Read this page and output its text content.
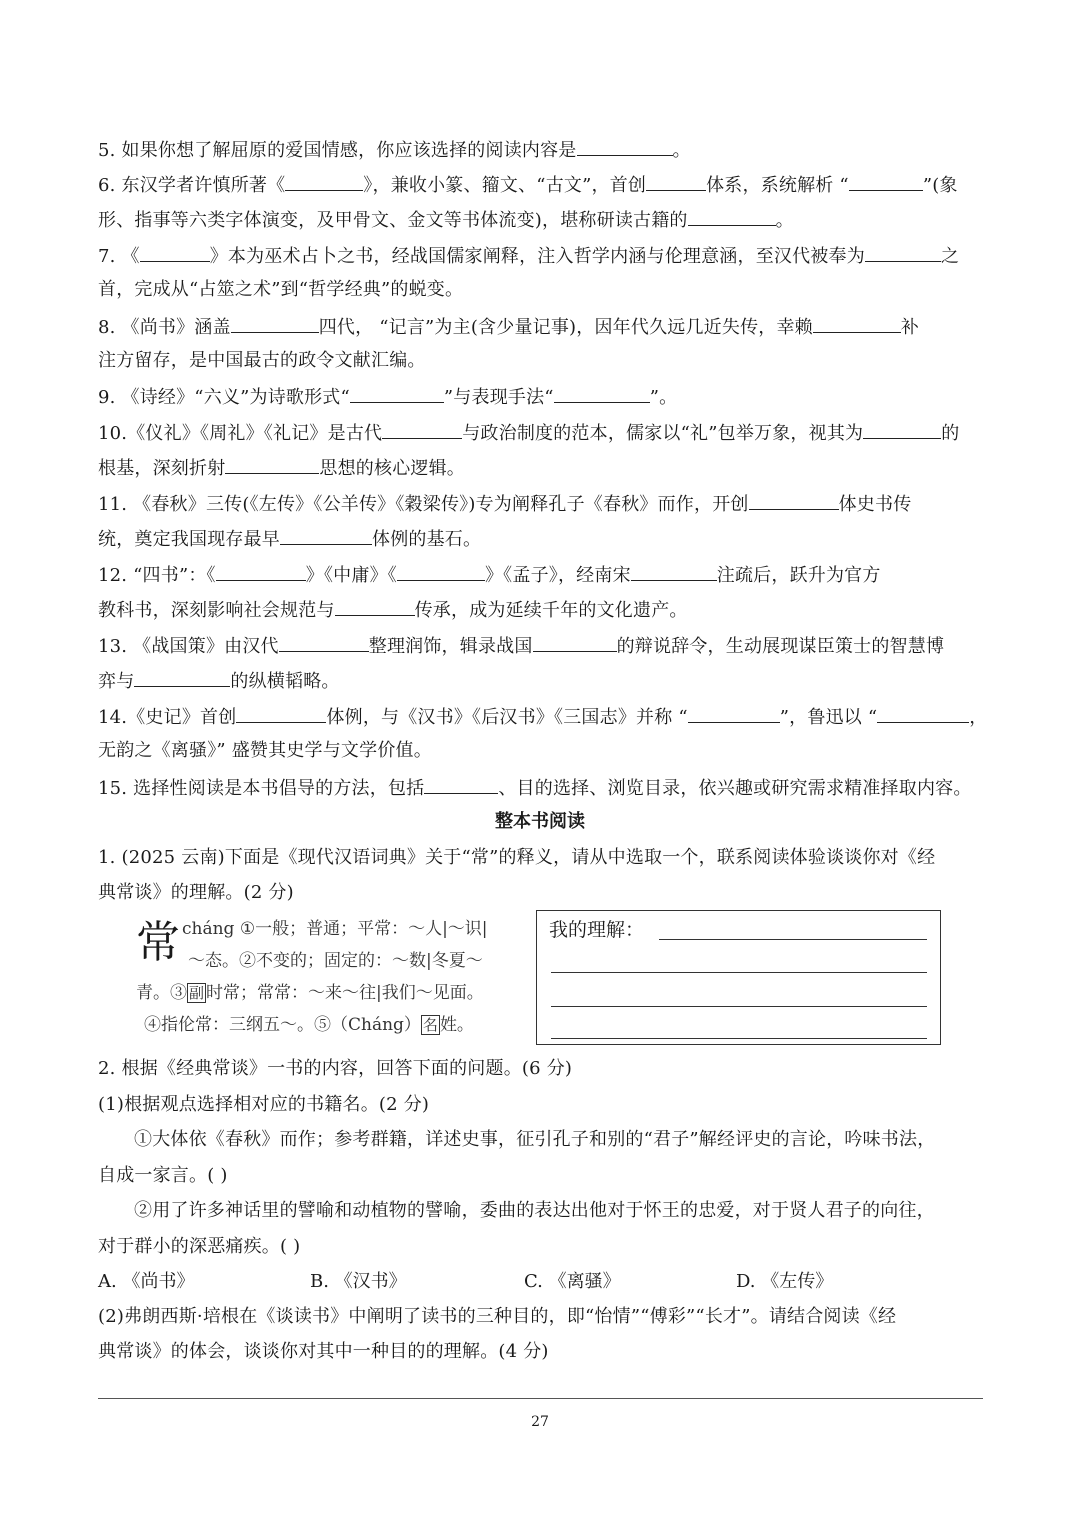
5. 如果你想了解屈原的爱国情感，你应该选择的阅读内容是	。
6. 东汉学者许慎所著《	》，兼收小篆、籀文、“古文”，首创	体系，系统解析 “	”(象
形、指事等六类字体演变，及甲骨文、金文等书体流变)，堪称研读古籍的	。
7. 《	》本为巫术占卜之书，经战国儒家阐释，注入哲学内涵与伦理意涵，至汉代被奉为	之
首，完成从“占筮之术”到“哲学经典”的蜕变。
8. 《尚书》涵盖	四代， “记言”为主(含少量记事)，因年代久远几近失传，幸赖	补
注方留存，是中国最古的政令文献汇编。
9. 《诗经》“六义”为诗歌形式“	”与表现手法“	”。
10.《仪礼》《周礼》《礼记》是古代	与政治制度的范本，儒家以“礼”包举万象，视其为	的
根基，深刻折射	思想的核心逻辑。
11. 《春秋》三传(《左传》《公羊传》《穀梁传》)专为阐释孔子《春秋》而作，开创	体史书传
统，奠定我国现存最早	体例的基石。
12. “四书”：《	》《中庸》《	》《孟子》，经南宋	注疏后，跃升为官方
教科书，深刻影响社会规范与	传承，成为延续千年的文化遗产。
13. 《战国策》由汉代	整理润饰，辑录战国	的辩说辞令，生动展现谋臣策士的智慧博
弈与	的纵横韬略。
14.《史记》首创	体例，与《汉书》《后汉书》《三国志》并称 “	”，鲁迅以 “	，
无韵之《离骚》” 盛赞其史学与文学价值。
15. 选择性阅读是本书倡导的方法，包括	、目的选择、浏览目录，依兴趣或研究需求精准择取内容。
整本书阅读
1. (2025 云南)下面是《现代汉语词典》关于“常”的释义，请从中选取一个，联系阅读体验谈谈你对《经
典常谈》的理解。(2 分)
常 cháng ①一般；普通；平常：～人|～识|
～态。②不变的；固定的：～数|冬夏～
青。③ 副 时常；常常：～来～往|我们～见面。
④指伦常：三纲五～。⑤（Cháng） 名 姓。
我的理解：
2. 根据《经典常谈》一书的内容，回答下面的问题。(6 分)
(1)根据观点选择相对应的书籍名。(2 分)
①大体依《春秋》而作；参考群籍，详述史事，征引孔子和别的“君子”解经评史的言论，吟味书法，
自成一家言。( )
②用了许多神话里的譬喻和动植物的譬喻，委曲的表达出他对于怀王的忠爱，对于贤人君子的向往，
对于群小的深恶痛疾。( )
A. 《尚书》	B. 《汉书》	C. 《离骚》	D. 《左传》
(2)弗朗西斯·培根在《谈读书》中阐明了读书的三种目的，即“怡情”“傅彩”“长才”。请结合阅读《经
典常谈》的体会，谈谈你对其中一种目的的理解。(4 分)
27
